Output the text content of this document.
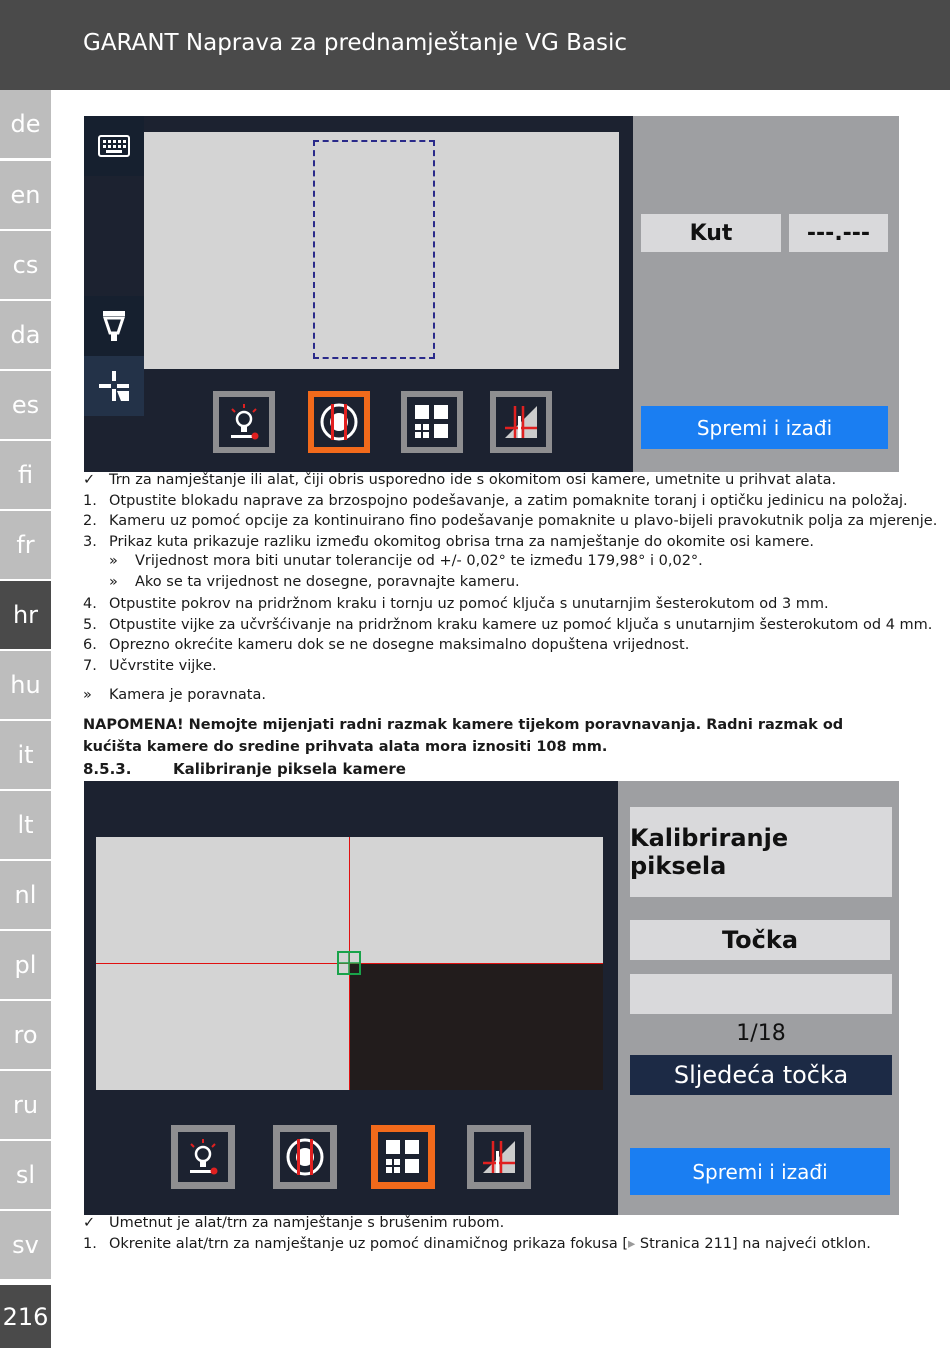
GARANT Naprava za prednamještanje VG Basic
de
en
cs
da
es
fi
fr
hr
hu
it
lt
nl
pl
ro
ru
sl
sv
216
Kut	---.---
Spremi i izađi
✓ Trn za namještanje ili alat, čiji obris usporedno ide s okomitom osi kamere, umetnite u prihvat alata.
1. Otpustite blokadu naprave za brzospojno podešavanje, a zatim pomaknite toranj i optičku jedinicu na položaj.
2. Kameru uz pomoć opcije za kontinuirano fino podešavanje pomaknite u plavo-bijeli pravokutnik polja za mjerenje.
3. Prikaz kuta prikazuje razliku između okomitog obrisa trna za namještanje do okomite osi kamere.
» Vrijednost mora biti unutar tolerancije od +/- 0,02° te između 179,98° i 0,02°.
» Ako se ta vrijednost ne dosegne, poravnajte kameru.
4. Otpustite pokrov na pridržnom kraku i tornju uz pomoć ključa s unutarnjim šesterokutom od 3 mm.
5. Otpustite vijke za učvršćivanje na pridržnom kraku kamere uz pomoć ključa s unutarnjim šesterokutom od 4 mm.
6. Oprezno okrećite kameru dok se ne dosegne maksimalno dopuštena vrijednost.
7. Učvrstite vijke.
» Kamera je poravnata.
NAPOMENA! Nemojte mijenjati radni razmak kamere tijekom poravnavanja. Radni razmak od kućišta kamere do sredine prihvata alata mora iznositi 108 mm.
8.5.3.	Kalibriranje piksela kamere
Kalibriranje piksela
Točka
1/18
Sljedeća točka
Spremi i izađi
✓ Umetnut je alat/trn za namještanje s brušenim rubom.
1. Okrenite alat/trn za namještanje uz pomoć dinamičnog prikaza fokusa [▸ Stranica 211] na najveći otklon.
